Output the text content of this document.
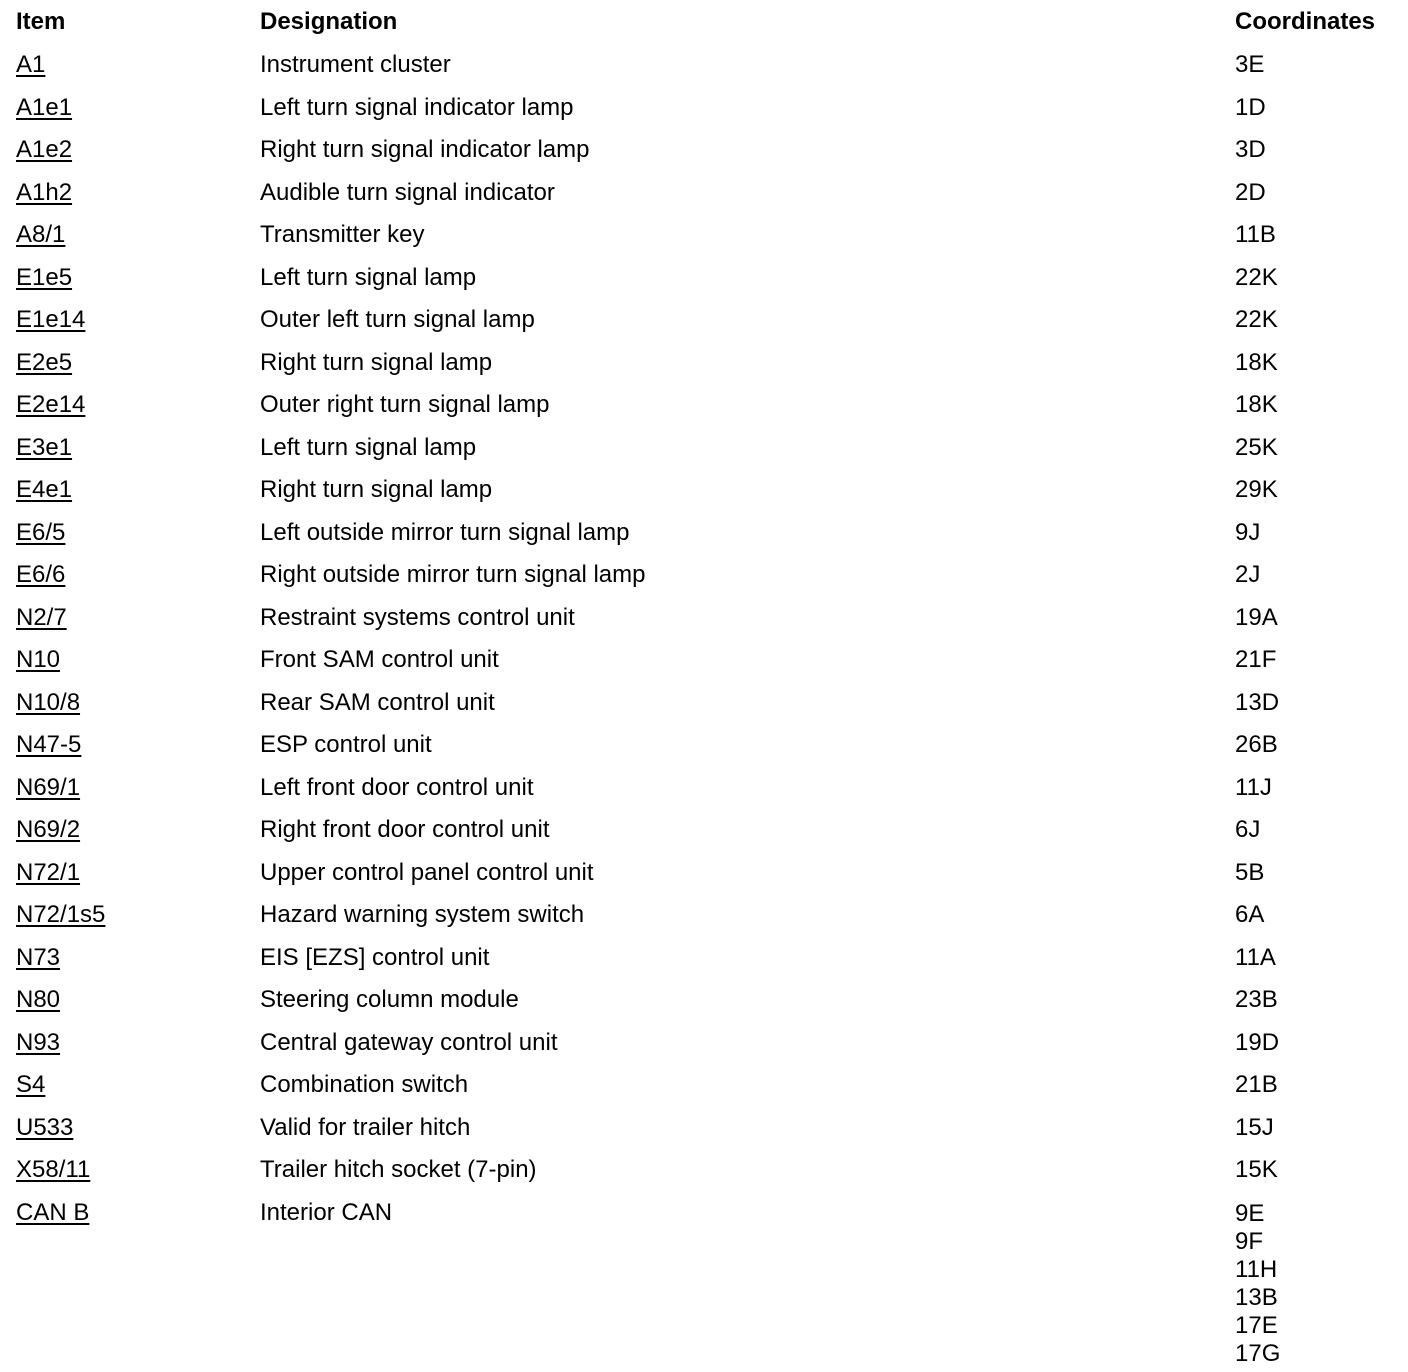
Item	Designation	Coordinates
A1	Instrument cluster	3E
A1e1	Left turn signal indicator lamp	1D
A1e2	Right turn signal indicator lamp	3D
A1h2	Audible turn signal indicator	2D
A8/1	Transmitter key	11B
E1e5	Left turn signal lamp	22K
E1e14	Outer left turn signal lamp	22K
E2e5	Right turn signal lamp	18K
E2e14	Outer right turn signal lamp	18K
E3e1	Left turn signal lamp	25K
E4e1	Right turn signal lamp	29K
E6/5	Left outside mirror turn signal lamp	9J
E6/6	Right outside mirror turn signal lamp	2J
N2/7	Restraint systems control unit	19A
N10	Front SAM control unit	21F
N10/8	Rear SAM control unit	13D
N47-5	ESP control unit	26B
N69/1	Left front door control unit	11J
N69/2	Right front door control unit	6J
N72/1	Upper control panel control unit	5B
N72/1s5	Hazard warning system switch	6A
N73	EIS [EZS] control unit	11A
N80	Steering column module	23B
N93	Central gateway control unit	19D
S4	Combination switch	21B
U533	Valid for trailer hitch	15J
X58/11	Trailer hitch socket (7-pin)	15K
CAN B	Interior CAN	9E
9F
11H
13B
17E
17G
